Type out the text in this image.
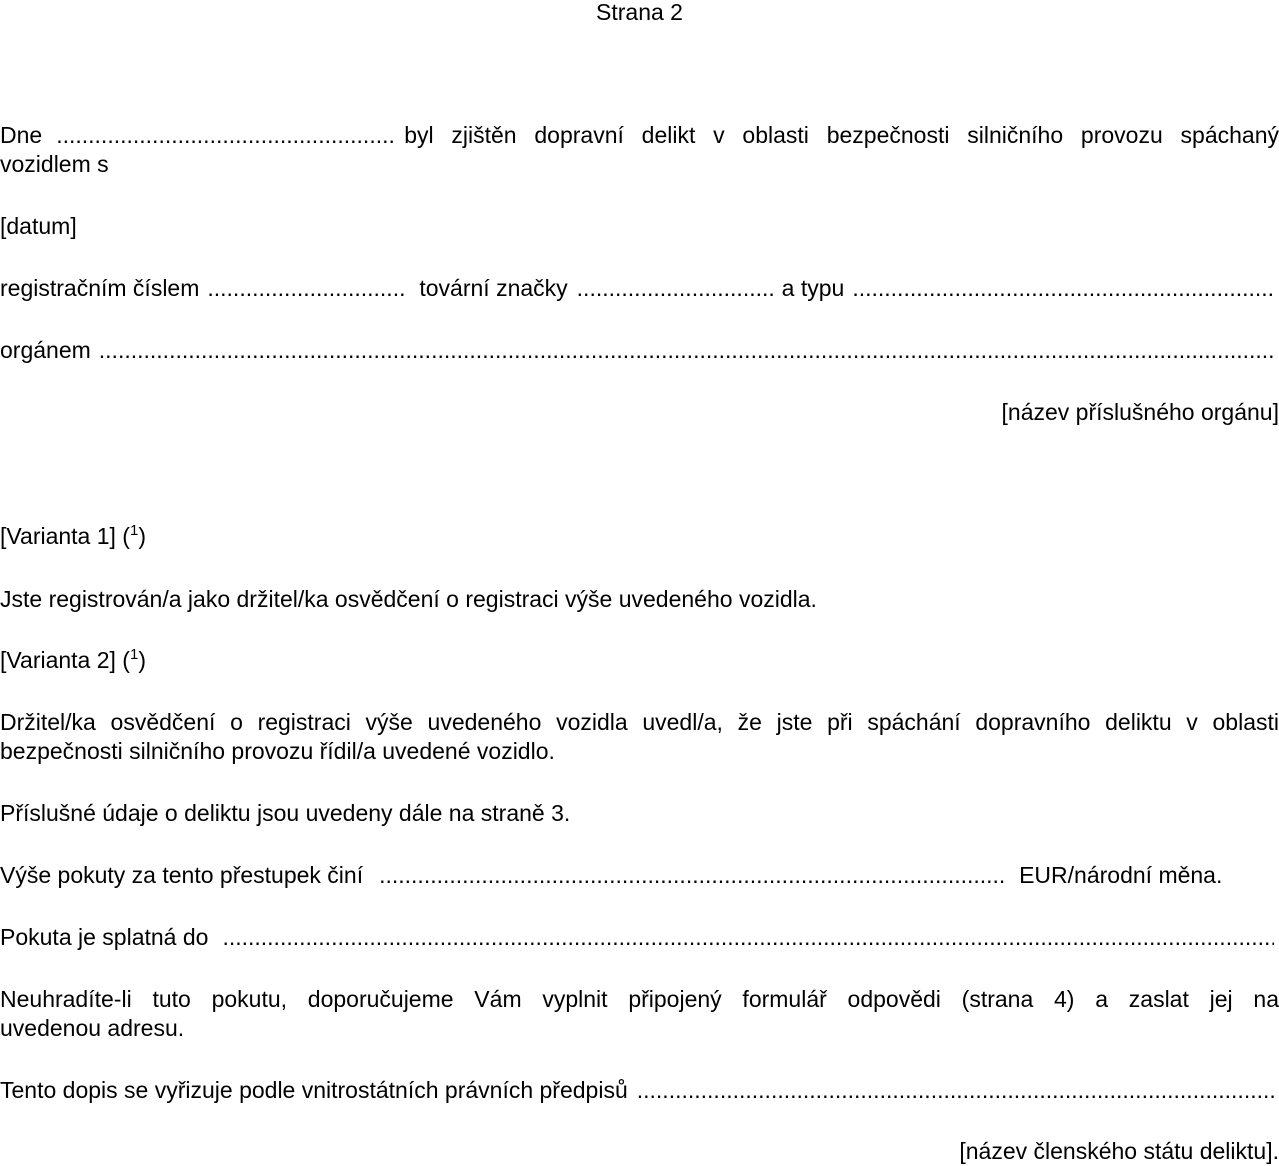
Strana 2
Dne .....	byl zjištěn dopravní delikt v oblasti bezpečnosti silničního provozu spáchaný
vozidlem s
[datum]
registračním číslem .....	tovární značky .....	a typu
.....
orgánem
.....
[název příslušného orgánu]
[Varianta 1] ($^1$)
Jste registrován/a jako držitel/ka osvědčení o registraci výše uvedeného vozidla.
[Varianta 2] ($^1$)
Držitel/ka osvědčení o registraci výše uvedeného vozidla uvedl/a, že jste při spáchání dopravního deliktu v oblasti
bezpečnosti silničního provozu řídil/a uvedené vozidlo.
Příslušné údaje o deliktu jsou uvedeny dále na straně 3.
Výše pokuty za tento přestupek činí .....	EUR/národní měna.
Pokuta je splatná do
.....
Neuhradíte-li tuto pokutu, doporučujeme Vám vyplnit připojený formulář odpovědi (strana 4) a zaslat jej na
uvedenou adresu.
Tento dopis se vyřizuje podle vnitrostátních právních předpisů
.....
[název členského státu deliktu].
